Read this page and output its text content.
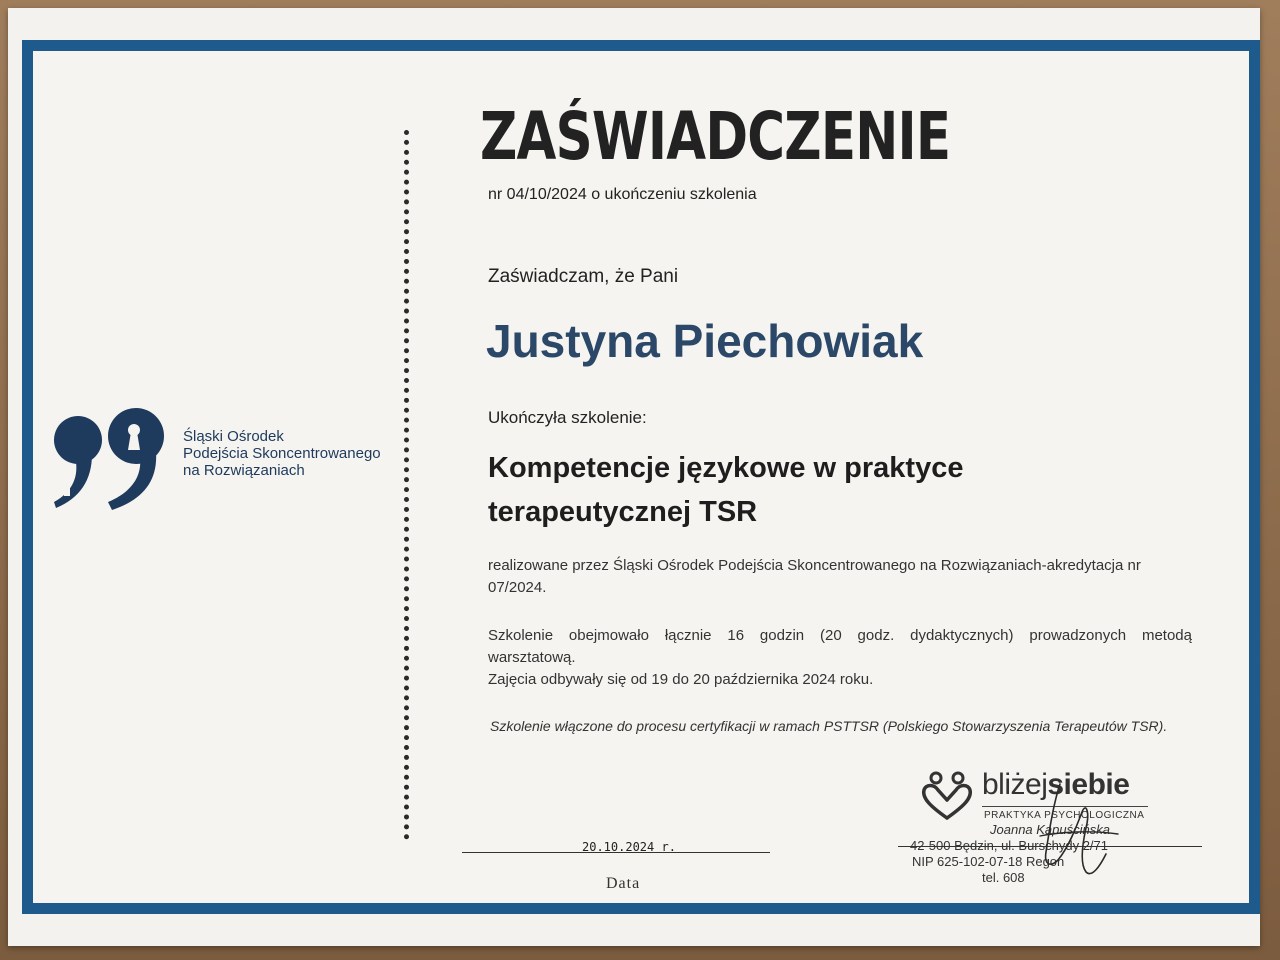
Śląski Ośrodek
Podejścia Skoncentrowanego
na Rozwiązaniach
ZAŚWIADCZENIE
nr 04/10/2024 o ukończeniu szkolenia
Zaświadczam, że Pani
Justyna Piechowiak
Ukończyła szkolenie:
Kompetencje językowe w praktyce terapeutycznej TSR
realizowane przez Śląski Ośrodek Podejścia Skoncentrowanego na Rozwiązaniach-akredytacja nr 07/2024.
Szkolenie obejmowało łącznie 16 godzin (20 godz. dydaktycznych) prowadzonych metodą
warsztatową.
Zajęcia odbywały się od 19 do 20 października 2024 roku.
Szkolenie włączone do procesu certyfikacji w ramach PSTTSR (Polskiego Stowarzyszenia Terapeutów TSR).
20.10.2024 r.
Data
bliżejsiebie
PRAKTYKA PSYCHOLOGICZNA
Joanna Kapuścińska
42-500 Będzin, ul. Burschydy 2/71
NIP 625-102-07-18 Regon
tel. 608
